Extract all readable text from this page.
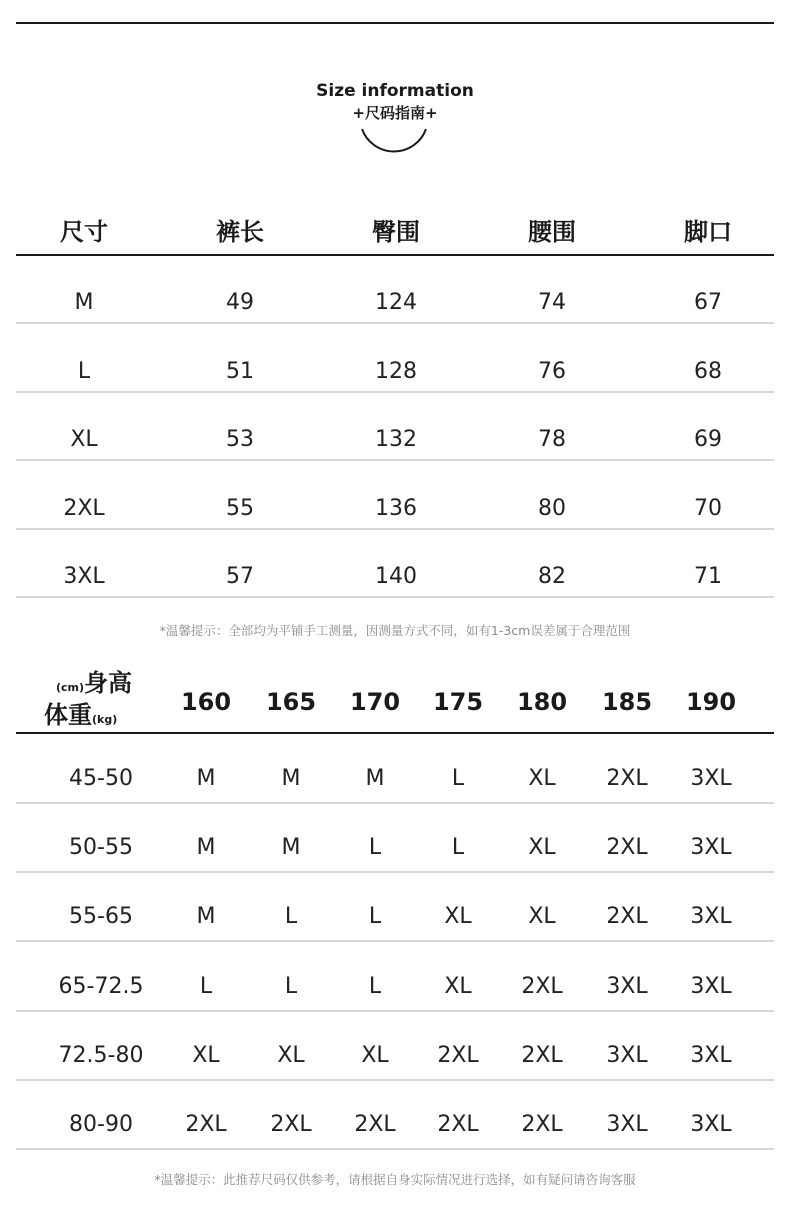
Size information
+尺码指南+
尺寸	裤长	臀围	腰围	脚口
M	49	124	74	67
L	51	128	76	68
XL	53	132	78	69
2XL	55	136	80	70
3XL	57	140	82	71
*温馨提示：全部均为平铺手工测量，因测量方式不同，如有1-3cm误差属于合理范围
(cm)身高
体重(kg)
160	165	170	175	180	185	190
45-50	M	M	M	L	XL	2XL	3XL
50-55	M	M	L	L	XL	2XL	3XL
55-65	M	L	L	XL	XL	2XL	3XL
65-72.5	L	L	L	XL	2XL	3XL	3XL
72.5-80	XL	XL	XL	2XL	2XL	3XL	3XL
80-90	2XL	2XL	2XL	2XL	2XL	3XL	3XL
*温馨提示：此推荐尺码仅供参考，请根据自身实际情况进行选择，如有疑问请咨询客服
